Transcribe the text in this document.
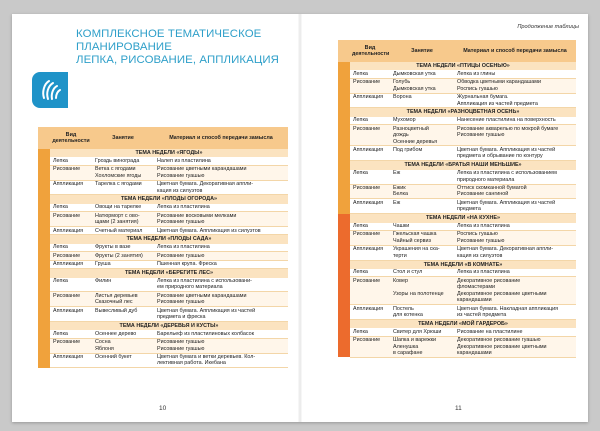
КОМПЛЕКСНОЕ ТЕМАТИЧЕСКОЕ
ПЛАНИРОВАНИЕ
ЛЕПКА, РИСОВАНИЕ, АППЛИКАЦИЯ
	Вид деятельности	Занятие	Материал и способ передачи замысла
	ТЕМА НЕДЕЛИ «ЯГОДЫ»		
	Лепка	Гроздь винограда	Налеп из пластилина
	Рисование	Ветка с ягодами
Хохломские ягоды	Рисование цветными карандашами
Рисование гуашью
	Аппликация	Тарелка с ягодами	Цветная бумага. Декоративная аппли-
кация из силуэтов
	ТЕМА НЕДЕЛИ «ПЛОДЫ ОГОРОДА»		
	Лепка	Овощи на тарелке	Лепка из пластилина
	Рисование	Натюрморт с ово-
щами (2 занятия)	Рисование восковыми мелками
Рисование гуашью
	Аппликация	Счетный материал	Цветная бумага. Аппликация из силуэтов
	ТЕМА НЕДЕЛИ «ПЛОДЫ САДА»		
	Лепка	Фрукты в вазе	Лепка из пластилина
	Рисование	Фрукты (2 занятия)	Рисование гуашью
	Аппликация	Груша	Пшенная крупа. Фреска
	ТЕМА НЕДЕЛИ «БЕРЕГИТЕ ЛЕС»		
	Лепка	Филин	Лепка из пластилина с использовани-
ем природного материала
	Рисование	Листья деревьев
Сказочный лес	Рисование цветными карандашами
Рисование гуашью
	Аппликация	Вывесливый дуб	Цветная бумага. Аппликация из частей
предмета и фреска
	ТЕМА НЕДЕЛИ «ДЕРЕВЬЯ И КУСТЫ»		
	Лепка	Осеннее дерево	Барельеф из пластилиновых колбасок
	Рисование	Сосна
Яблоня	Рисование гуашью
Рисование гуашью
	Аппликация	Осенний букет	Цветная бумага и ветки деревьев. Кол-
лективная работа. Икебана
10
Продолжение таблицы
	Вид деятельности	Занятие	Материал и способ передачи замысла
	ТЕМА НЕДЕЛИ «ПТИЦЫ ОСЕНЬЮ»		
	Лепка	Дымковская утка	Лепка из глины
	Рисование	Голубь
Дымковская утка	Обводка цветными карандашами
Роспись гуашью
	Аппликация	Ворона	Журнальная бумага.
Аппликация из частей предмета
	ТЕМА НЕДЕЛИ «РАЗНОЦВЕТНАЯ ОСЕНЬ»		
	Лепка	Мухомор	Нанесение пластилина на поверхность
	Рисование	Разноцветный
дождь
Осенние деревья	Рисование акварелью по мокрой бумаге
Рисование гуашью
	Аппликация	Под грибом	Цветная бумага. Аппликация из частей
предмета и обрывание по контуру
	ТЕМА НЕДЕЛИ «БРАТЬЯ НАШИ МЕНЬШИЕ»		
	Лепка	Еж	Лепка из пластилина с использованием
природного материала
	Рисование	Ежик
Белка	Оттиск скомканной бумагой
Рисование сангиной
	Аппликация	Еж	Цветная бумага. Аппликация из частей
предмета
	ТЕМА НЕДЕЛИ «НА КУХНЕ»		
	Лепка	Чашки	Лепка из пластилина
	Рисование	Гжельская чашка
Чайный сервиз	Роспись гуашью
Рисование гуашью
	Аппликация	Украшения на ска-
терти	Цветная бумага. Декоративная аппли-
кация из силуэтов
	ТЕМА НЕДЕЛИ «В КОМНАТЕ»		
	Лепка	Стол и стул	Лепка из пластилина
	Рисование	Ковер

Узоры на полотенце	Декоративное рисование
фломастерами
Декоративное рисование цветными
карандашами
	Аппликация	Постель
для котенка	Цветная бумага. Накладная аппликация
из частей предмета
	ТЕМА НЕДЕЛИ «МОЙ ГАРДЕРОБ»		
	Лепка	Свитер для Хрюши	Рисование на пластилине
	Рисование	Шапка и варежки
Аленушка
в сарафане	Декоративное рисование гуашью
Декоративное рисование цветными
карандашами
11
